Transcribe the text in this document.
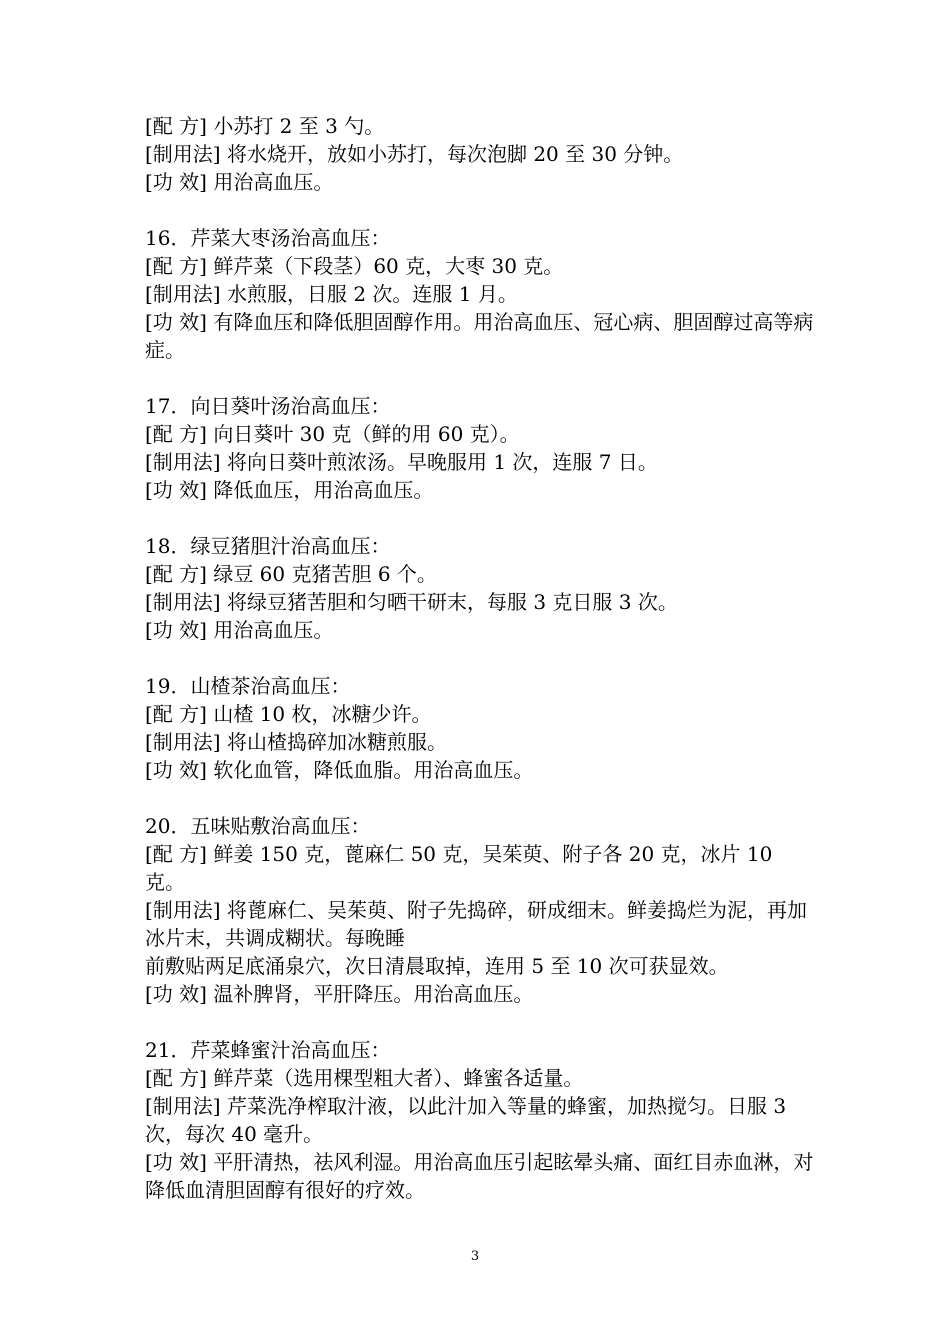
[配 方] 小苏打 2 至 3 勺。

[制用法] 将水烧开，放如小苏打，每次泡脚 20 至 30 分钟。

[功 效] 用治高血压。

16．芹菜大枣汤治高血压：

[配 方] 鲜芹菜（下段茎）60 克，大枣 30 克。

[制用法] 水煎服，日服 2 次。连服 1 月。

[功 效] 有降血压和降低胆固醇作用。用治高血压、冠心病、胆固醇过高等病症。

17．向日葵叶汤治高血压：

[配 方] 向日葵叶 30 克（鲜的用 60 克）。

[制用法] 将向日葵叶煎浓汤。早晚服用 1 次，连服 7 日。

[功 效] 降低血压，用治高血压。

18．绿豆猪胆汁治高血压：

[配 方] 绿豆 60 克猪苦胆 6 个。

[制用法] 将绿豆猪苦胆和匀晒干研末，每服 3 克日服 3 次。

[功 效] 用治高血压。

19．山楂茶治高血压：

[配 方] 山楂 10 枚，冰糖少许。

[制用法] 将山楂捣碎加冰糖煎服。

[功 效] 软化血管，降低血脂。用治高血压。

20．五味贴敷治高血压：

[配 方] 鲜姜 150 克，蓖麻仁 50 克，吴茱萸、附子各 20 克，冰片 10 克。

[制用法] 将蓖麻仁、吴茱萸、附子先捣碎，研成细末。鲜姜捣烂为泥，再加冰片末，共调成糊状。每晚睡

前敷贴两足底涌泉穴，次日清晨取掉，连用 5 至 10 次可获显效。

[功 效] 温补脾肾，平肝降压。用治高血压。

21．芹菜蜂蜜汁治高血压：

[配 方] 鲜芹菜（选用棵型粗大者）、蜂蜜各适量。

[制用法] 芹菜洗净榨取汁液，以此汁加入等量的蜂蜜，加热搅匀。日服 3 次，每次 40 毫升。

[功 效] 平肝清热，祛风利湿。用治高血压引起眩晕头痛、面红目赤血淋，对降低血清胆固醇有很好的疗效。

3
